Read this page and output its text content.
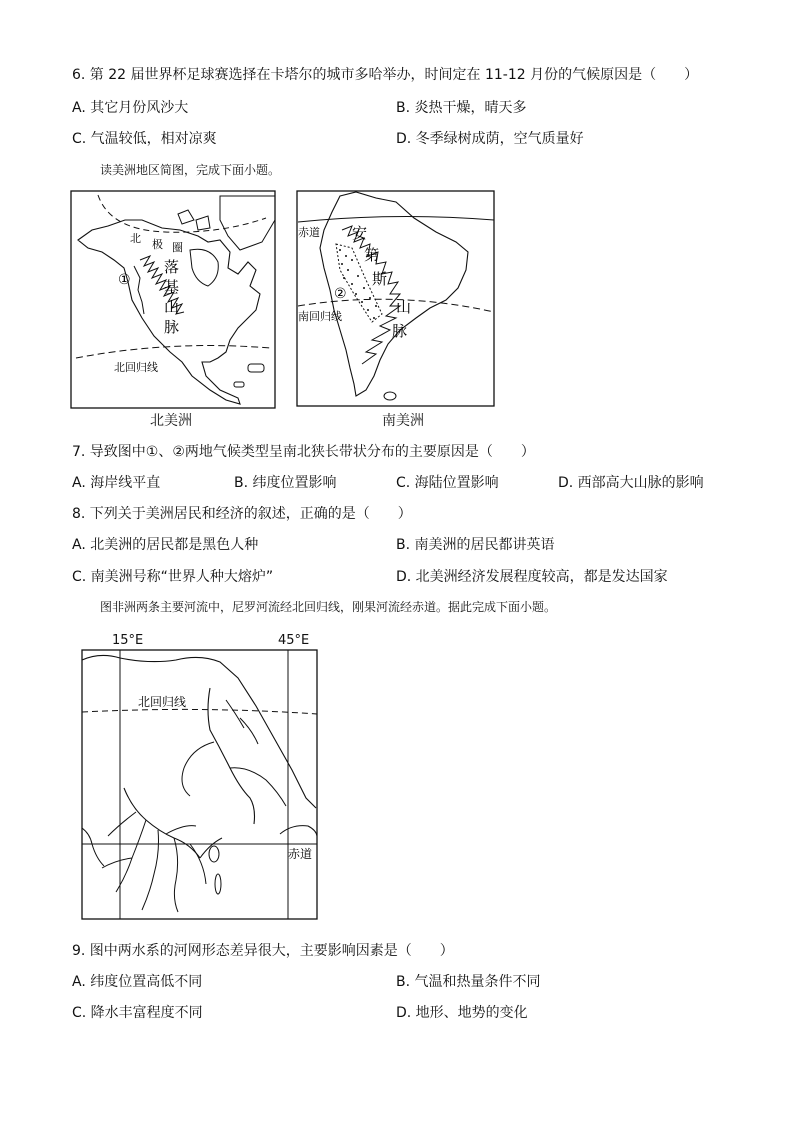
6. 第 22 届世界杯足球赛选择在卡塔尔的城市多哈举办，时间定在 11-12 月份的气候原因是（　　）
A. 其它月份风沙大	B. 炎热干燥，晴天多
C. 气温较低，相对凉爽	D. 冬季绿树成荫，空气质量好
读美洲地区简图，完成下面小题。
北 极 圈
①
落
基
山
脉
北回归线
北美洲
赤道 安
第
斯
山
脉
②
南回归线
南美洲
7. 导致图中①、②两地气候类型呈南北狭长带状分布的主要原因是（　　）
A. 海岸线平直	B. 纬度位置影响	C. 海陆位置影响	D. 西部高大山脉的影响
8. 下列关于美洲居民和经济的叙述，正确的是（　　）
A. 北美洲的居民都是黑色人种	B. 南美洲的居民都讲英语
C. 南美洲号称“世界人种大熔炉”	D. 北美洲经济发展程度较高，都是发达国家
图非洲两条主要河流中，尼罗河流经北回归线，刚果河流经赤道。据此完成下面小题。
15°E	45°E
北回归线
赤道
9. 图中两水系的河网形态差异很大，主要影响因素是（　　）
A. 纬度位置高低不同	B. 气温和热量条件不同
C. 降水丰富程度不同	D. 地形、地势的变化
